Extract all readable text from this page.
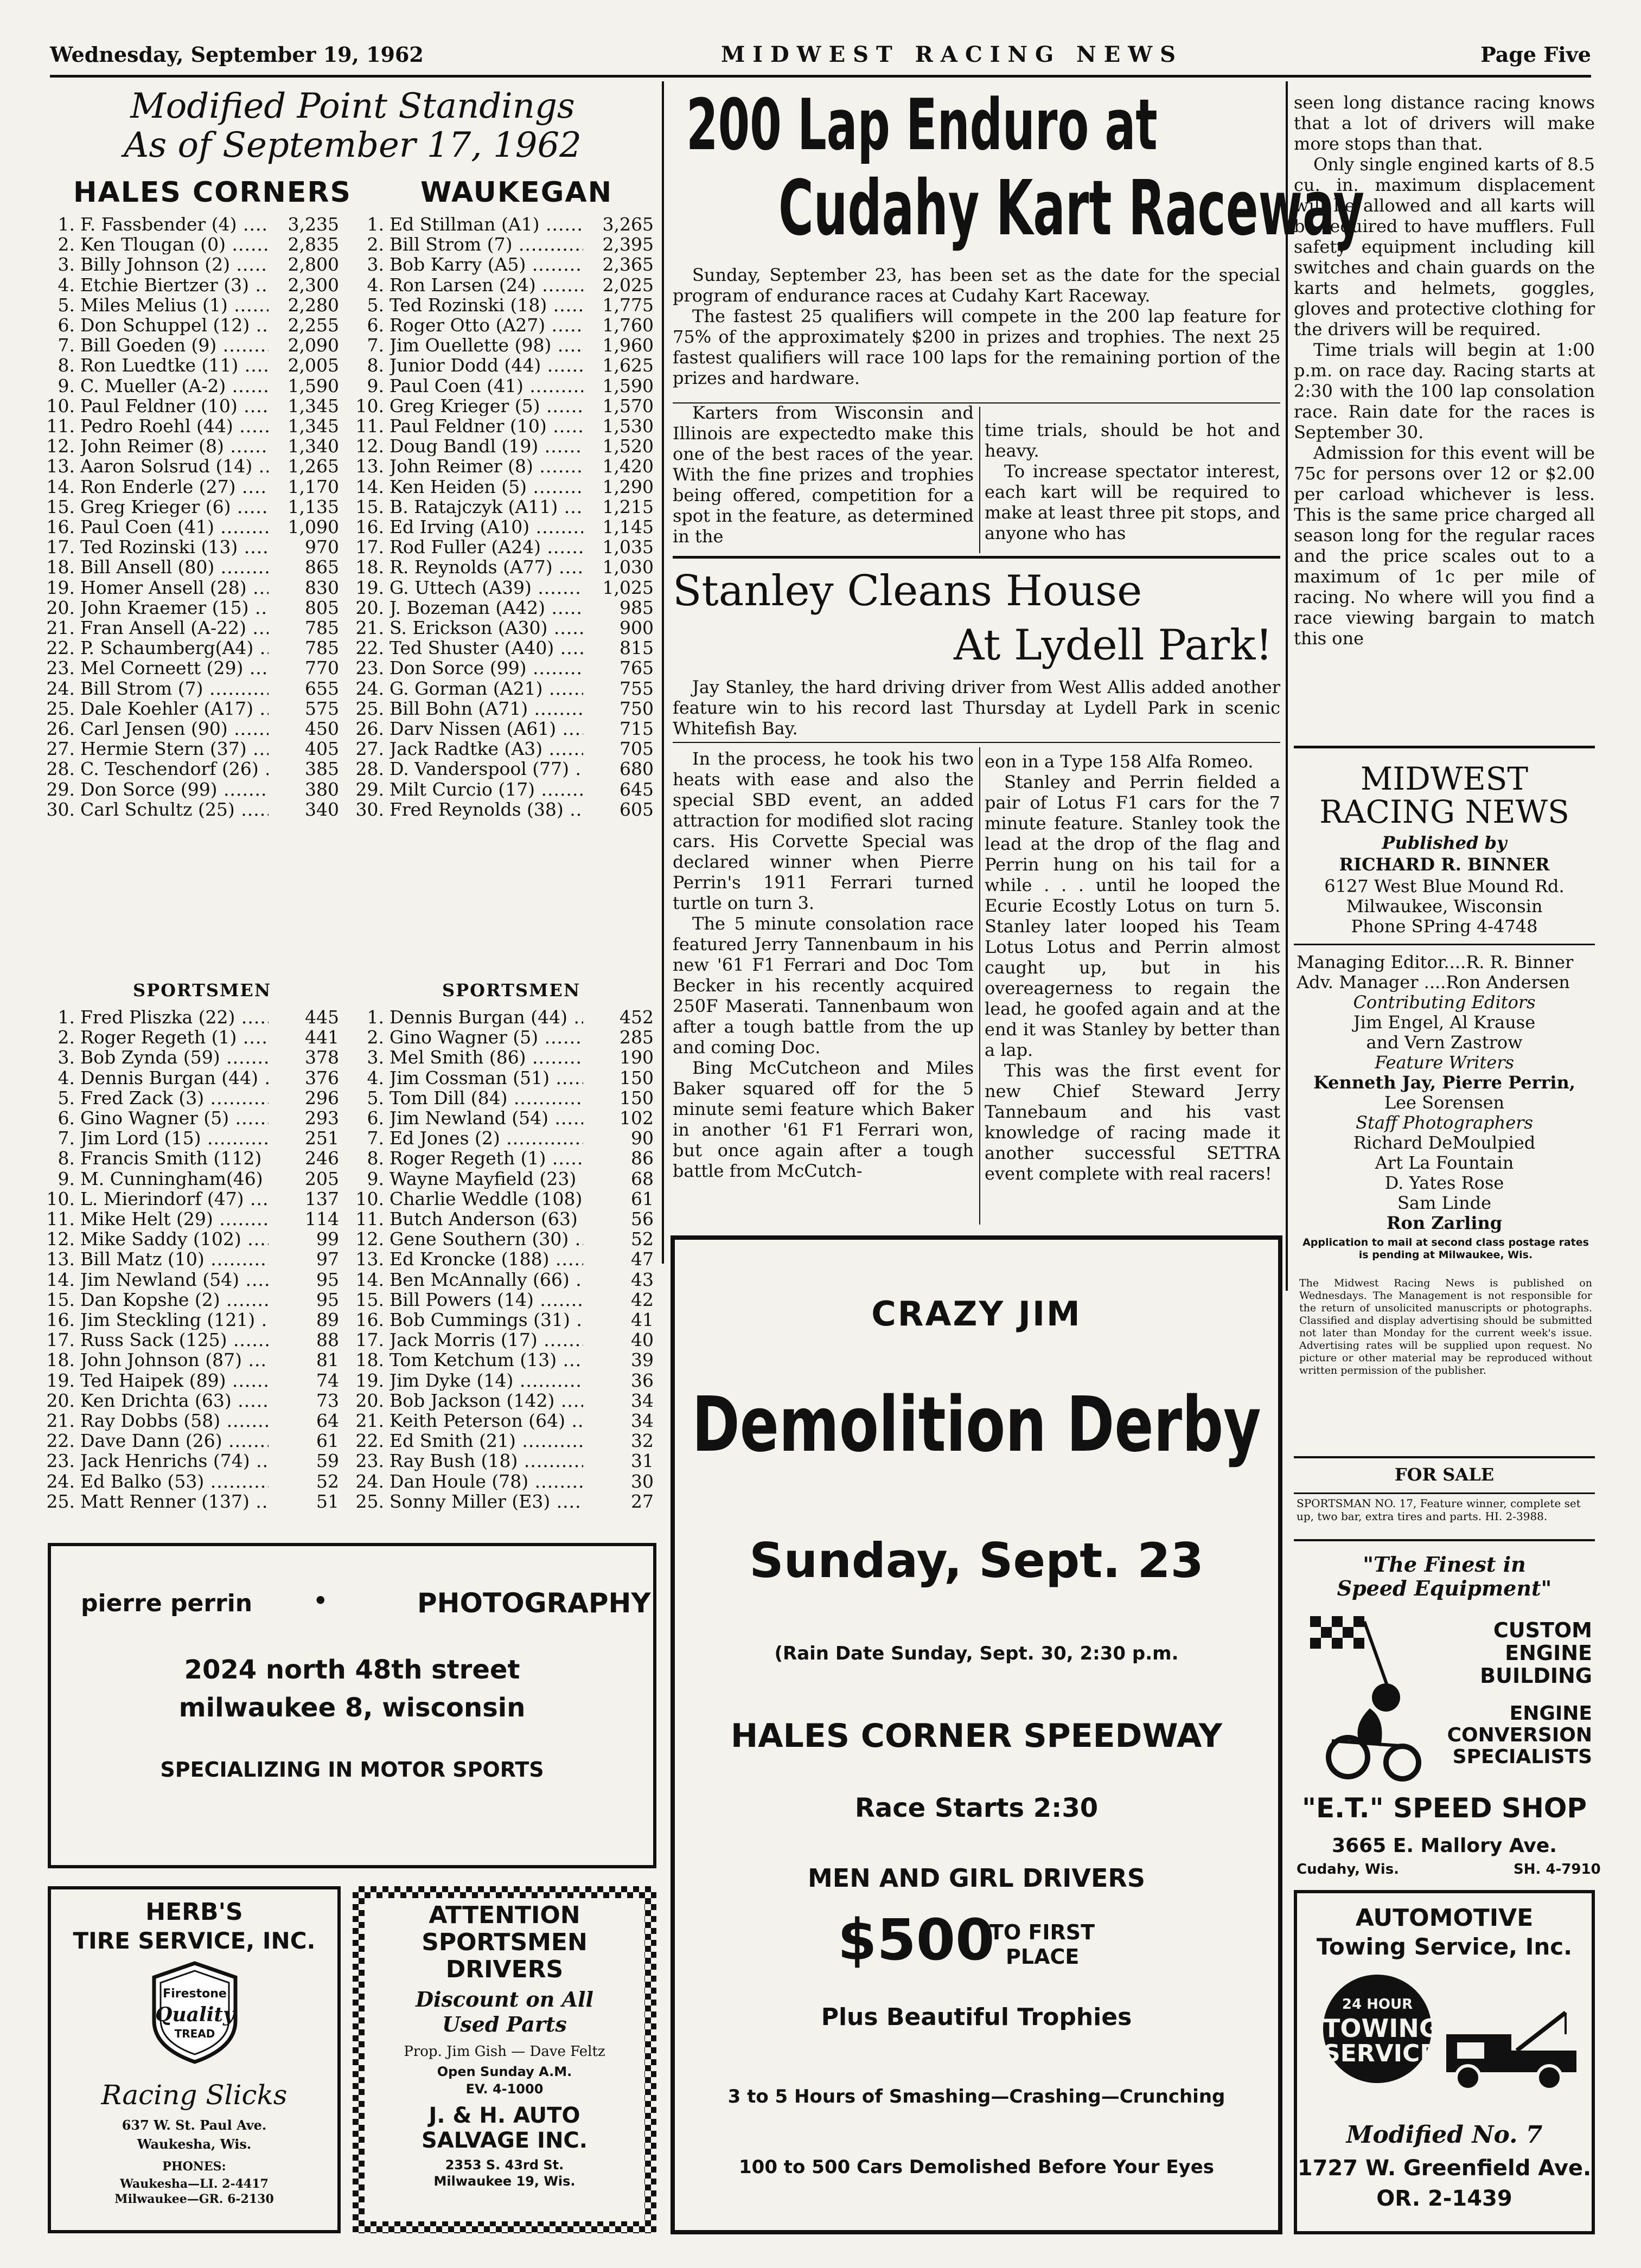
Wednesday, September 19, 1962	MIDWEST RACING NEWS	Page Five
Modified Point Standings
As of September 17, 1962
HALES CORNERS WAUKEGAN
1. F. Fassbender (4) .....	3,235
2. Ken Tlougan (0) .....	2,835
3. Billy Johnson (2) .....	2,800
4. Etchie Biertzer (3) .....	2,300
5. Miles Melius (1) .....	2,280
6. Don Schuppel (12) .....	2,255
7. Bill Goeden (9) .....	2,090
8. Ron Luedtke (11) .....	2,005
9. C. Mueller (A-2) .....	1,590
10. Paul Feldner (10) .....	1,345
11. Pedro Roehl (44) .....	1,345
12. John Reimer (8) .....	1,340
13. Aaron Solsrud (14) .....	1,265
14. Ron Enderle (27) .....	1,170
15. Greg Krieger (6) .....	1,135
16. Paul Coen (41) .....	1,090
17. Ted Rozinski (13) .....	970
18. Bill Ansell (80) .....	865
19. Homer Ansell (28) .....	830
20. John Kraemer (15) .....	805
21. Fran Ansell (A-22) .....	785
22. P. Schaumberg(A4) .....	785
23. Mel Corneett (29) .....	770
24. Bill Strom (7) .....	655
25. Dale Koehler (A17) .....	575
26. Carl Jensen (90) .....	450
27. Hermie Stern (37) .....	405
28. C. Teschendorf (26) .....	385
29. Don Sorce (99) .....	380
30. Carl Schultz (25) .....	340
1. Ed Stillman (A1) .....	3,265
2. Bill Strom (7) .....	2,395
3. Bob Karry (A5) .....	2,365
4. Ron Larsen (24) .....	2,025
5. Ted Rozinski (18) .....	1,775
6. Roger Otto (A27) .....	1,760
7. Jim Ouellette (98) .....	1,960
8. Junior Dodd (44) .....	1,625
9. Paul Coen (41) .....	1,590
10. Greg Krieger (5) .....	1,570
11. Paul Feldner (10) .....	1,530
12. Doug Bandl (19) .....	1,520
13. John Reimer (8) .....	1,420
14. Ken Heiden (5) .....	1,290
15. B. Ratajczyk (A11) .....	1,215
16. Ed Irving (A10) .....	1,145
17. Rod Fuller (A24) .....	1,035
18. R. Reynolds (A77) .....	1,030
19. G. Uttech (A39) .....	1,025
20. J. Bozeman (A42) .....	985
21. S. Erickson (A30) .....	900
22. Ted Shuster (A40) .....	815
23. Don Sorce (99) .....	765
24. G. Gorman (A21) .....	755
25. Bill Bohn (A71) .....	750
26. Darv Nissen (A61) .....	715
27. Jack Radtke (A3) .....	705
28. D. Vanderspool (77) .....	680
29. Milt Curcio (17) .....	645
30. Fred Reynolds (38) .....	605
SPORTSMEN	SPORTSMEN
1. Fred Pliszka (22) .....	445
2. Roger Regeth (1) .....	441
3. Bob Zynda (59) .....	378
4. Dennis Burgan (44) .....	376
5. Fred Zack (3) .....	296
6. Gino Wagner (5) .....	293
7. Jim Lord (15) .....	251
8. Francis Smith (112) .....	246
9. M. Cunningham(46) .....	205
10. L. Mierindorf (47) .....	137
11. Mike Helt (29) .....	114
12. Mike Saddy (102) .....	99
13. Bill Matz (10) .....	97
14. Jim Newland (54) .....	95
15. Dan Kopshe (2) .....	95
16. Jim Steckling (121) .....	89
17. Russ Sack (125) .....	88
18. John Johnson (87) .....	81
19. Ted Haipek (89) .....	74
20. Ken Drichta (63) .....	73
21. Ray Dobbs (58) .....	64
22. Dave Dann (26) .....	61
23. Jack Henrichs (74) .....	59
24. Ed Balko (53) .....	52
25. Matt Renner (137) .....	51
1. Dennis Burgan (44) .....	452
2. Gino Wagner (5) .....	285
3. Mel Smith (86) .....	190
4. Jim Cossman (51) .....	150
5. Tom Dill (84) .....	150
6. Jim Newland (54) .....	102
7. Ed Jones (2) .....	90
8. Roger Regeth (1) .....	86
9. Wayne Mayfield (23) .....	68
10. Charlie Weddle (108) .....	61
11. Butch Anderson (63) .....	56
12. Gene Southern (30) .....	52
13. Ed Kroncke (188) .....	47
14. Ben McAnnally (66) .....	43
15. Bill Powers (14) .....	42
16. Bob Cummings (31) .....	41
17. Jack Morris (17) .....	40
18. Tom Ketchum (13) .....	39
19. Jim Dyke (14) .....	36
20. Bob Jackson (142) .....	34
21. Keith Peterson (64) .....	34
22. Ed Smith (21) .....	32
23. Ray Bush (18) .....	31
24. Dan Houle (78) .....	30
25. Sonny Miller (E3) .....	27
pierre perrin •	PHOTOGRAPHY
2024 north 48th street
milwaukee 8, wisconsin
SPECIALIZING IN MOTOR SPORTS
HERB'S
TIRE SERVICE, INC.
Firestone
Quality
TREAD
Racing Slicks
637 W. St. Paul Ave.
Waukesha, Wis.
PHONES:
Waukesha—LI. 2-4417
Milwaukee—GR. 6-2130
ATTENTION
SPORTSMEN
DRIVERS
Discount on All
Used Parts
Prop. Jim Gish — Dave Feltz
Open Sunday A.M.
EV. 4-1000
J. & H. AUTO
SALVAGE INC.
2353 S. 43rd St.
Milwaukee 19, Wis.
200 Lap Enduro at
Cudahy Kart Raceway

Sunday, September 23, has been set as the date for the special program of endurance races at Cudahy Kart Raceway.

The fastest 25 qualifiers will compete in the 200 lap feature for 75% of the approximately $200 in prizes and trophies. The next 25 fastest qualifiers will race 100 laps for the remaining portion of the prizes and hardware.

Karters from Wisconsin and Illinois are expectedto make this one of the best races of the year. With the fine prizes and trophies being offered, competition for a spot in the feature, as determined in the

time trials, should be hot and heavy.

To increase spectator interest, each kart will be required to make at least three pit stops, and anyone who has

Stanley Cleans House
At Lydell Park!

Jay Stanley, the hard driving driver from West Allis added another feature win to his record last Thursday at Lydell Park in scenic Whitefish Bay.

In the process, he took his two heats with ease and also the special SBD event, an added attraction for modified slot racing cars. His Corvette Special was declared winner when Pierre Perrin's 1911 Ferrari turned turtle on turn 3.

The 5 minute consolation race featured Jerry Tannenbaum in his new '61 F1 Ferrari and Doc Tom Becker in his recently acquired 250F Maserati. Tannenbaum won after a tough battle from the up and coming Doc.

Bing McCutcheon and Miles Baker squared off for the 5 minute semi feature which Baker in another '61 F1 Ferrari won, but once again after a tough battle from McCutch-

eon in a Type 158 Alfa Romeo.

Stanley and Perrin fielded a pair of Lotus F1 cars for the 7 minute feature. Stanley took the lead at the drop of the flag and Perrin hung on his tail for a while . . . until he looped the Ecurie Ecostly Lotus on turn 5. Stanley later looped his Team Lotus Lotus and Perrin almost caught up, but in his overeagerness to regain the lead, he goofed again and at the end it was Stanley by better than a lap.

This was the first event for new Chief Steward Jerry Tannebaum and his vast knowledge of racing made it another successful SETTRA event complete with real racers!

CRAZY JIM
Demolition Derby
Sunday, Sept. 23
(Rain Date Sunday, Sept. 30, 2:30 p.m.
HALES CORNER SPEEDWAY
Race Starts 2:30
MEN AND GIRL DRIVERS
$500
TO FIRST
PLACE
Plus Beautiful Trophies
3 to 5 Hours of Smashing—Crashing—Crunching
100 to 500 Cars Demolished Before Your Eyes

seen long distance racing knows that a lot of drivers will make more stops than that.

Only single engined karts of 8.5 cu. in. maximum displacement will be allowed and all karts will be required to have mufflers. Full safety equipment including kill switches and chain guards on the karts and helmets, goggles, gloves and protective clothing for the drivers will be required.

Time trials will begin at 1:00 p.m. on race day. Racing starts at 2:30 with the 100 lap consolation race. Rain date for the races is September 30.

Admission for this event will be 75c for persons over 12 or $2.00 per carload whichever is less. This is the same price charged all season long for the regular races and the price scales out to a maximum of 1c per mile of racing. No where will you find a race viewing bargain to match this one

MIDWEST
RACING NEWS
Published by
RICHARD R. BINNER
6127 West Blue Mound Rd.
Milwaukee, Wisconsin
Phone SPring 4-4748
Managing Editor....R. R. Binner
Adv. Manager ....Ron Andersen
Contributing Editors
Jim Engel, Al Krause
and Vern Zastrow
Feature Writers
Kenneth Jay, Pierre Perrin,
Lee Sorensen
Staff Photographers
Richard DeMoulpied
Art La Fountain
D. Yates Rose
Sam Linde
Ron Zarling
Application to mail at second class postage rates is pending at Milwaukee, Wis.
The Midwest Racing News is published on Wednesdays. The Management is not responsible for the return of unsolicited manuscripts or photographs. Classified and display advertising should be submitted not later than Monday for the current week's issue. Advertising rates will be supplied upon request. No picture or other material may be reproduced without written permission of the publisher.
FOR SALE
SPORTSMAN NO. 17, Feature winner, complete set up, two bar, extra tires and parts. HI. 2-3988.
"The Finest in
Speed Equipment"
CUSTOM
ENGINE
BUILDING
ENGINE
CONVERSION
SPECIALISTS
"E.T." SPEED SHOP
3665 E. Mallory Ave.
Cudahy, Wis.	SH. 4-7910
AUTOMOTIVE
Towing Service, Inc.
24 HOUR
TOWING
SERVICE
Modified No. 7
1727 W. Greenfield Ave.
OR. 2-1439
